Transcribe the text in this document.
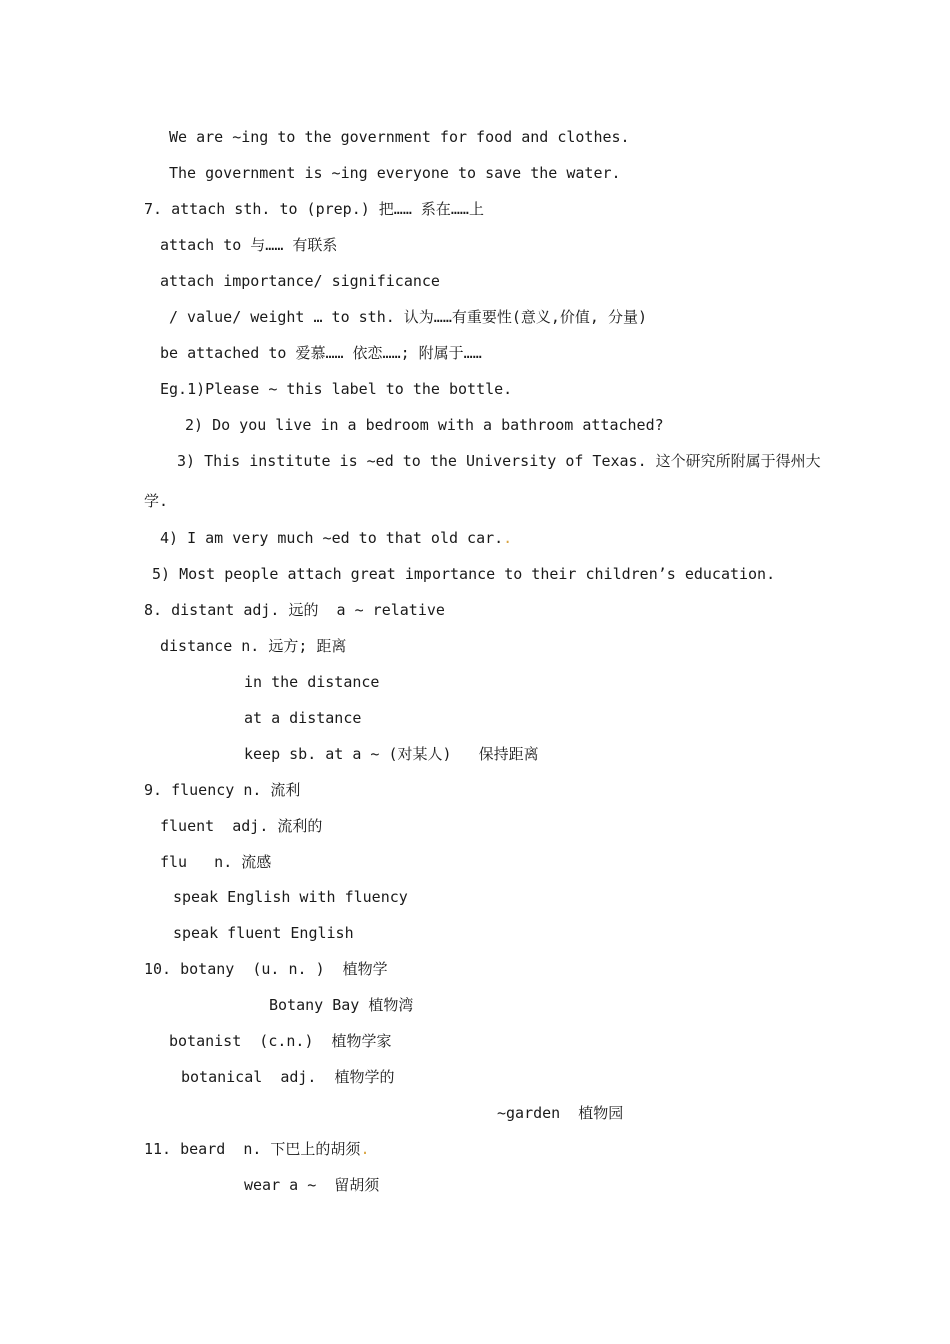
We are ~ing to the government for food and clothes.
The government is ~ing everyone to save the water.
7. attach sth. to (prep.) 把…… 系在……上
attach to 与…… 有联系
attach importance/ significance
/ value/ weight … to sth. 认为……有重要性(意义,价值, 分量)
be attached to 爱慕…… 依恋……; 附属于……
Eg.1)Please ~ this label to the bottle.
2) Do you live in a bedroom with a bathroom attached?
3) This institute is ~ed to the University of Texas. 这个研究所附属于得州大
学.
4) I am very much ~ed to that old car..
5) Most people attach great importance to their children’s education.
8. distant adj. 远的  a ~ relative
distance n. 远方; 距离
in the distance
at a distance
keep sb. at a ~ (对某人)   保持距离
9. fluency n. 流利
fluent  adj. 流利的
flu   n. 流感
speak English with fluency
speak fluent English
10. botany  (u. n. )  植物学
Botany Bay 植物湾
botanist  (c.n.)  植物学家
botanical  adj.  植物学的
~garden  植物园
11. beard  n. 下巴上的胡须.
wear a ~  留胡须
